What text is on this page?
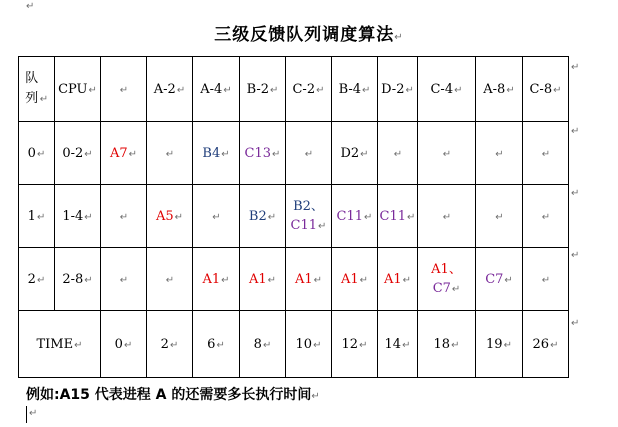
↵
三级反馈队列调度算法↵
队列 ↵	CPU↵	↵	A-2↵	A-4↵	B-2↵	C-2↵	B-4↵	D-2↵	C-4↵	A-8↵	C-8↵
0↵	0-2↵	A7↵	↵	B4↵	C13↵	↵	D2↵	↵	↵	↵	↵
1↵	1-4↵	↵	A5↵	↵	B2↵	B2、
C11↵	C11↵	C11↵	↵	↵	↵
2↵	2-8↵	↵	↵	A1↵	A1↵	A1↵	A1↵	A1↵	A1、
C7↵	C7↵	↵
TIME↵		0↵	2↵	6↵	8↵	10↵	12↵	14↵	18↵	19↵	26↵
↵
↵
↵
↵
↵
例如:A15 代表进程 A 的还需要多长执行时间↵
↵
